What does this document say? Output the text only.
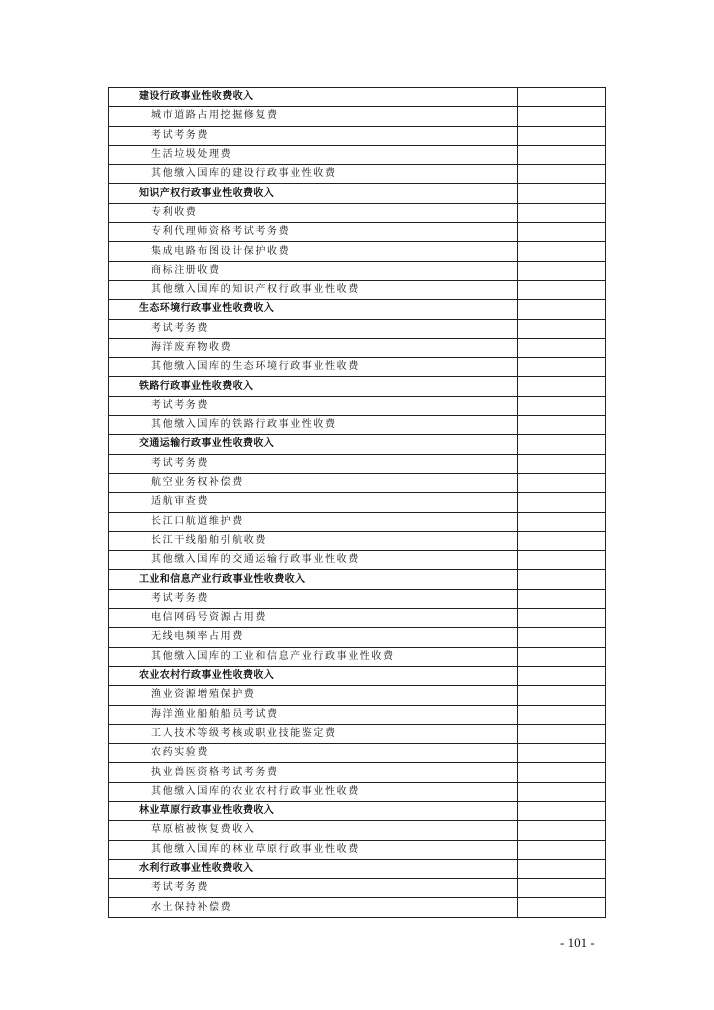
建设行政事业性收费收入	
城市道路占用挖掘修复费	
考试考务费	
生活垃圾处理费	
其他缴入国库的建设行政事业性收费	
知识产权行政事业性收费收入	
专利收费	
专利代理师资格考试考务费	
集成电路布图设计保护收费	
商标注册收费	
其他缴入国库的知识产权行政事业性收费	
生态环境行政事业性收费收入	
考试考务费	
海洋废弃物收费	
其他缴入国库的生态环境行政事业性收费	
铁路行政事业性收费收入	
考试考务费	
其他缴入国库的铁路行政事业性收费	
交通运输行政事业性收费收入	
考试考务费	
航空业务权补偿费	
适航审查费	
长江口航道维护费	
长江干线船舶引航收费	
其他缴入国库的交通运输行政事业性收费	
工业和信息产业行政事业性收费收入	
考试考务费	
电信网码号资源占用费	
无线电频率占用费	
其他缴入国库的工业和信息产业行政事业性收费	
农业农村行政事业性收费收入	
渔业资源增殖保护费	
海洋渔业船舶船员考试费	
工人技术等级考核或职业技能鉴定费	
农药实验费	
执业兽医资格考试考务费	
其他缴入国库的农业农村行政事业性收费	
林业草原行政事业性收费收入	
草原植被恢复费收入	
其他缴入国库的林业草原行政事业性收费	
水利行政事业性收费收入	
考试考务费	
水土保持补偿费	
- 101 -
